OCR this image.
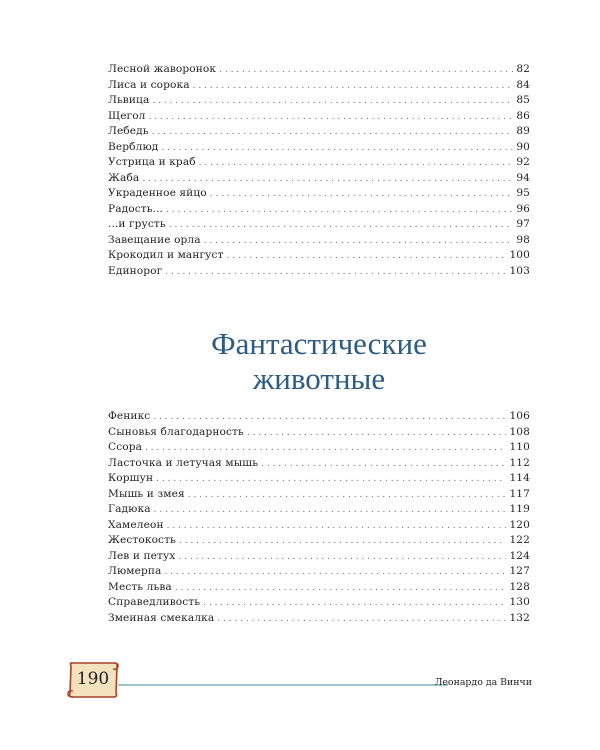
Лесной жаворонок . . .	82
Лиса и сорока . . .	84
Львица . . .	85
Щегол . . .	86
Лебедь . . .	89
Верблюд . . .	90
Устрица и краб . . .	92
Жаба . . .	94
Украденное яйцо . . .	95
Радость... . . .	96
...и грусть . . .	97
Завещание орла . . .	98
Крокодил и мангуст . . .	100
Единорог . . .	103
Фантастические
животные
Феникс . . .	106
Сыновья благодарность . . .	108
Ссора . . .	110
Ласточка и летучая мышь . . .	112
Коршун . . .	114
Мышь и змея . . .	117
Гадюка . . .	119
Хамелеон . . .	120
Жестокость . . .	122
Лев и петух . . .	124
Люмерпа . . .	127
Месть льва . . .	128
Справедливость . . .	130
Змеиная смекалка . . .	132
190	Леонардо да Винчи
